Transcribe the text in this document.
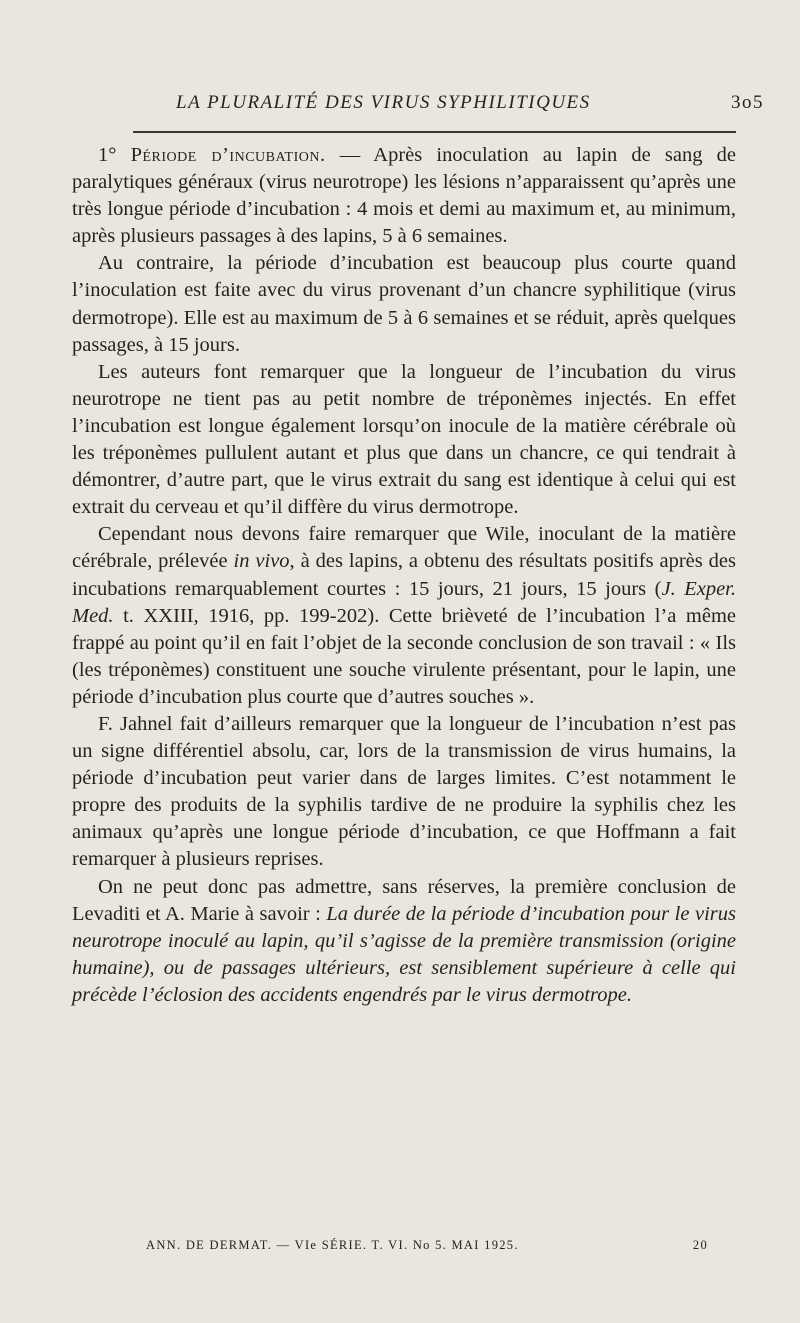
LA PLURALITÉ DES VIRUS SYPHILITIQUES	3o5

1° Période d’incubation. — Après inoculation au lapin de sang de paralytiques généraux (virus neurotrope) les lésions n’apparaissent qu’après une très longue période d’incubation : 4 mois et demi au maximum et, au minimum, après plusieurs passages à des lapins, 5 à 6 semaines.

Au contraire, la période d’incubation est beaucoup plus courte quand l’inoculation est faite avec du virus provenant d’un chancre syphilitique (virus dermotrope). Elle est au maximum de 5 à 6 semaines et se réduit, après quelques passages, à 15 jours.

Les auteurs font remarquer que la longueur de l’incubation du virus neurotrope ne tient pas au petit nombre de tréponèmes injectés. En effet l’incubation est longue également lorsqu’on inocule de la matière cérébrale où les tréponèmes pullulent autant et plus que dans un chancre, ce qui tendrait à démontrer, d’autre part, que le virus extrait du sang est identique à celui qui est extrait du cerveau et qu’il diffère du virus dermotrope.

Cependant nous devons faire remarquer que Wile, inoculant de la matière cérébrale, prélevée in vivo, à des lapins, a obtenu des résultats positifs après des incubations remarquablement courtes : 15 jours, 21 jours, 15 jours (J. Exper. Med. t. XXIII, 1916, pp. 199-202). Cette brièveté de l’incubation l’a même frappé au point qu’il en fait l’objet de la seconde conclusion de son travail : « Ils (les tréponèmes) constituent une souche virulente présentant, pour le lapin, une période d’incubation plus courte que d’autres souches ».

F. Jahnel fait d’ailleurs remarquer que la longueur de l’incubation n’est pas un signe différentiel absolu, car, lors de la transmission de virus humains, la période d’incubation peut varier dans de larges limites. C’est notamment le propre des produits de la syphilis tardive de ne produire la syphilis chez les animaux qu’après une longue période d’incubation, ce que Hoffmann a fait remarquer à plusieurs reprises.

On ne peut donc pas admettre, sans réserves, la première conclusion de Levaditi et A. Marie à savoir : La durée de la période d’incubation pour le virus neurotrope inoculé au lapin, qu’il s’agisse de la première transmission (origine humaine), ou de passages ultérieurs, est sensiblement supérieure à celle qui précède l’éclosion des accidents engendrés par le virus dermotrope.

ANN. DE DERMAT. — VIe SÉRIE. T. VI. No 5. MAI 1925.	20
